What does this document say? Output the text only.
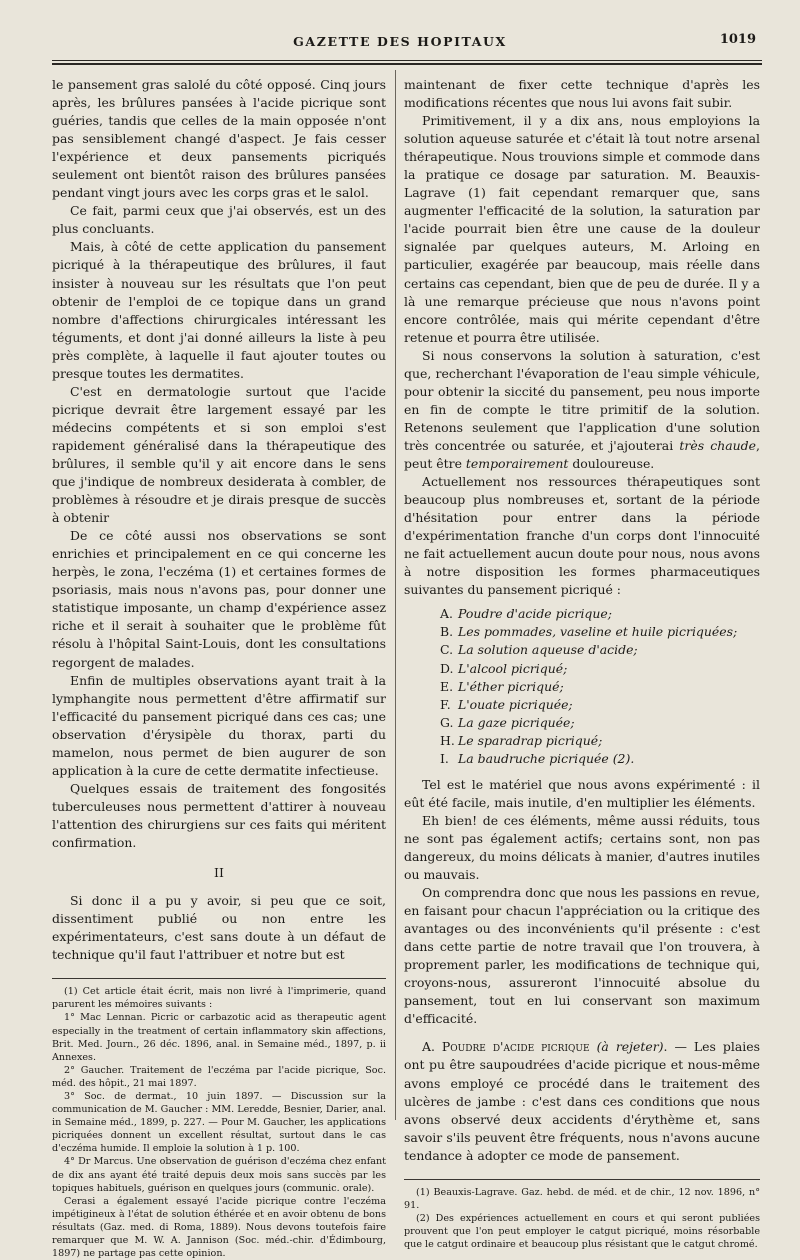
GAZETTE DES HOPITAUX	1019

le pansement gras salolé du côté opposé. Cinq jours après, les brûlures pansées à l'acide picrique sont guéries, tandis que celles de la main opposée n'ont pas sensiblement changé d'aspect. Je fais cesser l'expérience et deux pansements picriqués seulement ont bientôt raison des brûlures pansées pendant vingt jours avec les corps gras et le salol.

Ce fait, parmi ceux que j'ai observés, est un des plus concluants.

Mais, à côté de cette application du pansement picriqué à la thérapeutique des brûlures, il faut insister à nouveau sur les résultats que l'on peut obtenir de l'emploi de ce topique dans un grand nombre d'affections chirurgicales intéressant les téguments, et dont j'ai donné ailleurs la liste à peu près complète, à laquelle il faut ajouter toutes ou presque toutes les dermatites.

C'est en dermatologie surtout que l'acide picrique devrait être largement essayé par les médecins compétents et si son emploi s'est rapidement généralisé dans la thérapeutique des brûlures, il semble qu'il y ait encore dans le sens que j'indique de nombreux desiderata à combler, de problèmes à résoudre et je dirais presque de succès à obtenir

De ce côté aussi nos observations se sont enrichies et principalement en ce qui concerne les herpès, le zona, l'eczéma (1) et certaines formes de psoriasis, mais nous n'avons pas, pour donner une statistique imposante, un champ d'expérience assez riche et il serait à souhaiter que le problème fût résolu à l'hôpital Saint-Louis, dont les consultations regorgent de malades.

Enfin de multiples observations ayant trait à la lymphangite nous permettent d'être affirmatif sur l'efficacité du pansement picriqué dans ces cas; une observation d'érysipèle du thorax, parti du mamelon, nous permet de bien augurer de son application à la cure de cette dermatite infectieuse.

Quelques essais de traitement des fongosités tuberculeuses nous permettent d'attirer à nouveau l'attention des chirurgiens sur ces faits qui méritent confirmation.

II

Si donc il a pu y avoir, si peu que ce soit, dissentiment publié ou non entre les expérimentateurs, c'est sans doute à un défaut de technique qu'il faut l'attribuer et notre but est

(1) Cet article était écrit, mais non livré à l'imprimerie, quand parurent les mémoires suivants :

1° Mac Lennan. Picric or carbazotic acid as therapeutic agent especially in the treatment of certain inflammatory skin affections, Brit. Med. Journ., 26 déc. 1896, anal. in Semaine méd., 1897, p. ii Annexes.

2° Gaucher. Traitement de l'eczéma par l'acide picrique, Soc. méd. des hôpit., 21 mai 1897.

3° Soc. de dermat., 10 juin 1897. — Discussion sur la communication de M. Gaucher : MM. Leredde, Besnier, Darier, anal. in Semaine méd., 1899, p. 227. — Pour M. Gaucher, les applications picriquées donnent un excellent résultat, surtout dans le cas d'eczéma humide. Il emploie la solution à 1 p. 100.

4° Dr Marcus. Une observation de guérison d'eczéma chez enfant de dix ans ayant été traité depuis deux mois sans succès par les topiques habituels, guérison en quelques jours (communic. orale).

Cerasi a également essayé l'acide picrique contre l'eczéma impétigineux à l'état de solution éthérée et en avoir obtenu de bons résultats (Gaz. med. di Roma, 1889). Nous devons toutefois faire remarquer que M. W. A. Jannison (Soc. méd.-chir. d'Édimbourg, 1897) ne partage pas cette opinion.

maintenant de fixer cette technique d'après les modifications récentes que nous lui avons fait subir.

Primitivement, il y a dix ans, nous employions la solution aqueuse saturée et c'était là tout notre arsenal thérapeutique. Nous trouvions simple et commode dans la pratique ce dosage par saturation. M. Beauxis-Lagrave (1) fait cependant remarquer que, sans augmenter l'efficacité de la solution, la saturation par l'acide pourrait bien être une cause de la douleur signalée par quelques auteurs, M. Arloing en particulier, exagérée par beaucoup, mais réelle dans certains cas cependant, bien que de peu de durée. Il y a là une remarque précieuse que nous n'avons point encore contrôlée, mais qui mérite cependant d'être retenue et pourra être utilisée.

Si nous conservons la solution à saturation, c'est que, recherchant l'évaporation de l'eau simple véhicule, pour obtenir la siccité du pansement, peu nous importe en fin de compte le titre primitif de la solution. Retenons seulement que l'application d'une solution très concentrée ou saturée, et j'ajouterai très chaude, peut être temporairement douloureuse.

Actuellement nos ressources thérapeutiques sont beaucoup plus nombreuses et, sortant de la période d'hésitation pour entrer dans la période d'expérimentation franche d'un corps dont l'innocuité ne fait actuellement aucun doute pour nous, nous avons à notre disposition les formes pharmaceutiques suivantes du pansement picriqué :

A. Poudre d'acide picrique;
B. Les pommades, vaseline et huile picriquées;
C. La solution aqueuse d'acide;
D. L'alcool picriqué;
E. L'éther picriqué;
F. L'ouate picriquée;
G. La gaze picriquée;
H. Le sparadrap picriqué;
I. La baudruche picriquée (2).

Tel est le matériel que nous avons expérimenté : il eût été facile, mais inutile, d'en multiplier les éléments.

Eh bien! de ces éléments, même aussi réduits, tous ne sont pas également actifs; certains sont, non pas dangereux, du moins délicats à manier, d'autres inutiles ou mauvais.

On comprendra donc que nous les passions en revue, en faisant pour chacun l'appréciation ou la critique des avantages ou des inconvénients qu'il présente : c'est dans cette partie de notre travail que l'on trouvera, à proprement parler, les modifications de technique qui, croyons-nous, assureront l'innocuité absolue du pansement, tout en lui conservant son maximum d'efficacité.

A. Poudre d'acide picrique (à rejeter). — Les plaies ont pu être saupoudrées d'acide picrique et nous-même avons employé ce procédé dans le traitement des ulcères de jambe : c'est dans ces conditions que nous avons observé deux accidents d'érythème et, sans savoir s'ils peuvent être fréquents, nous n'avons aucune tendance à adopter ce mode de pansement.

(1) Beauxis-Lagrave. Gaz. hebd. de méd. et de chir., 12 nov. 1896, n° 91.

(2) Des expériences actuellement en cours et qui seront publiées prouvent que l'on peut employer le catgut picriqué, moins résorbable que le catgut ordinaire et beaucoup plus résistant que le catgut chromé.
